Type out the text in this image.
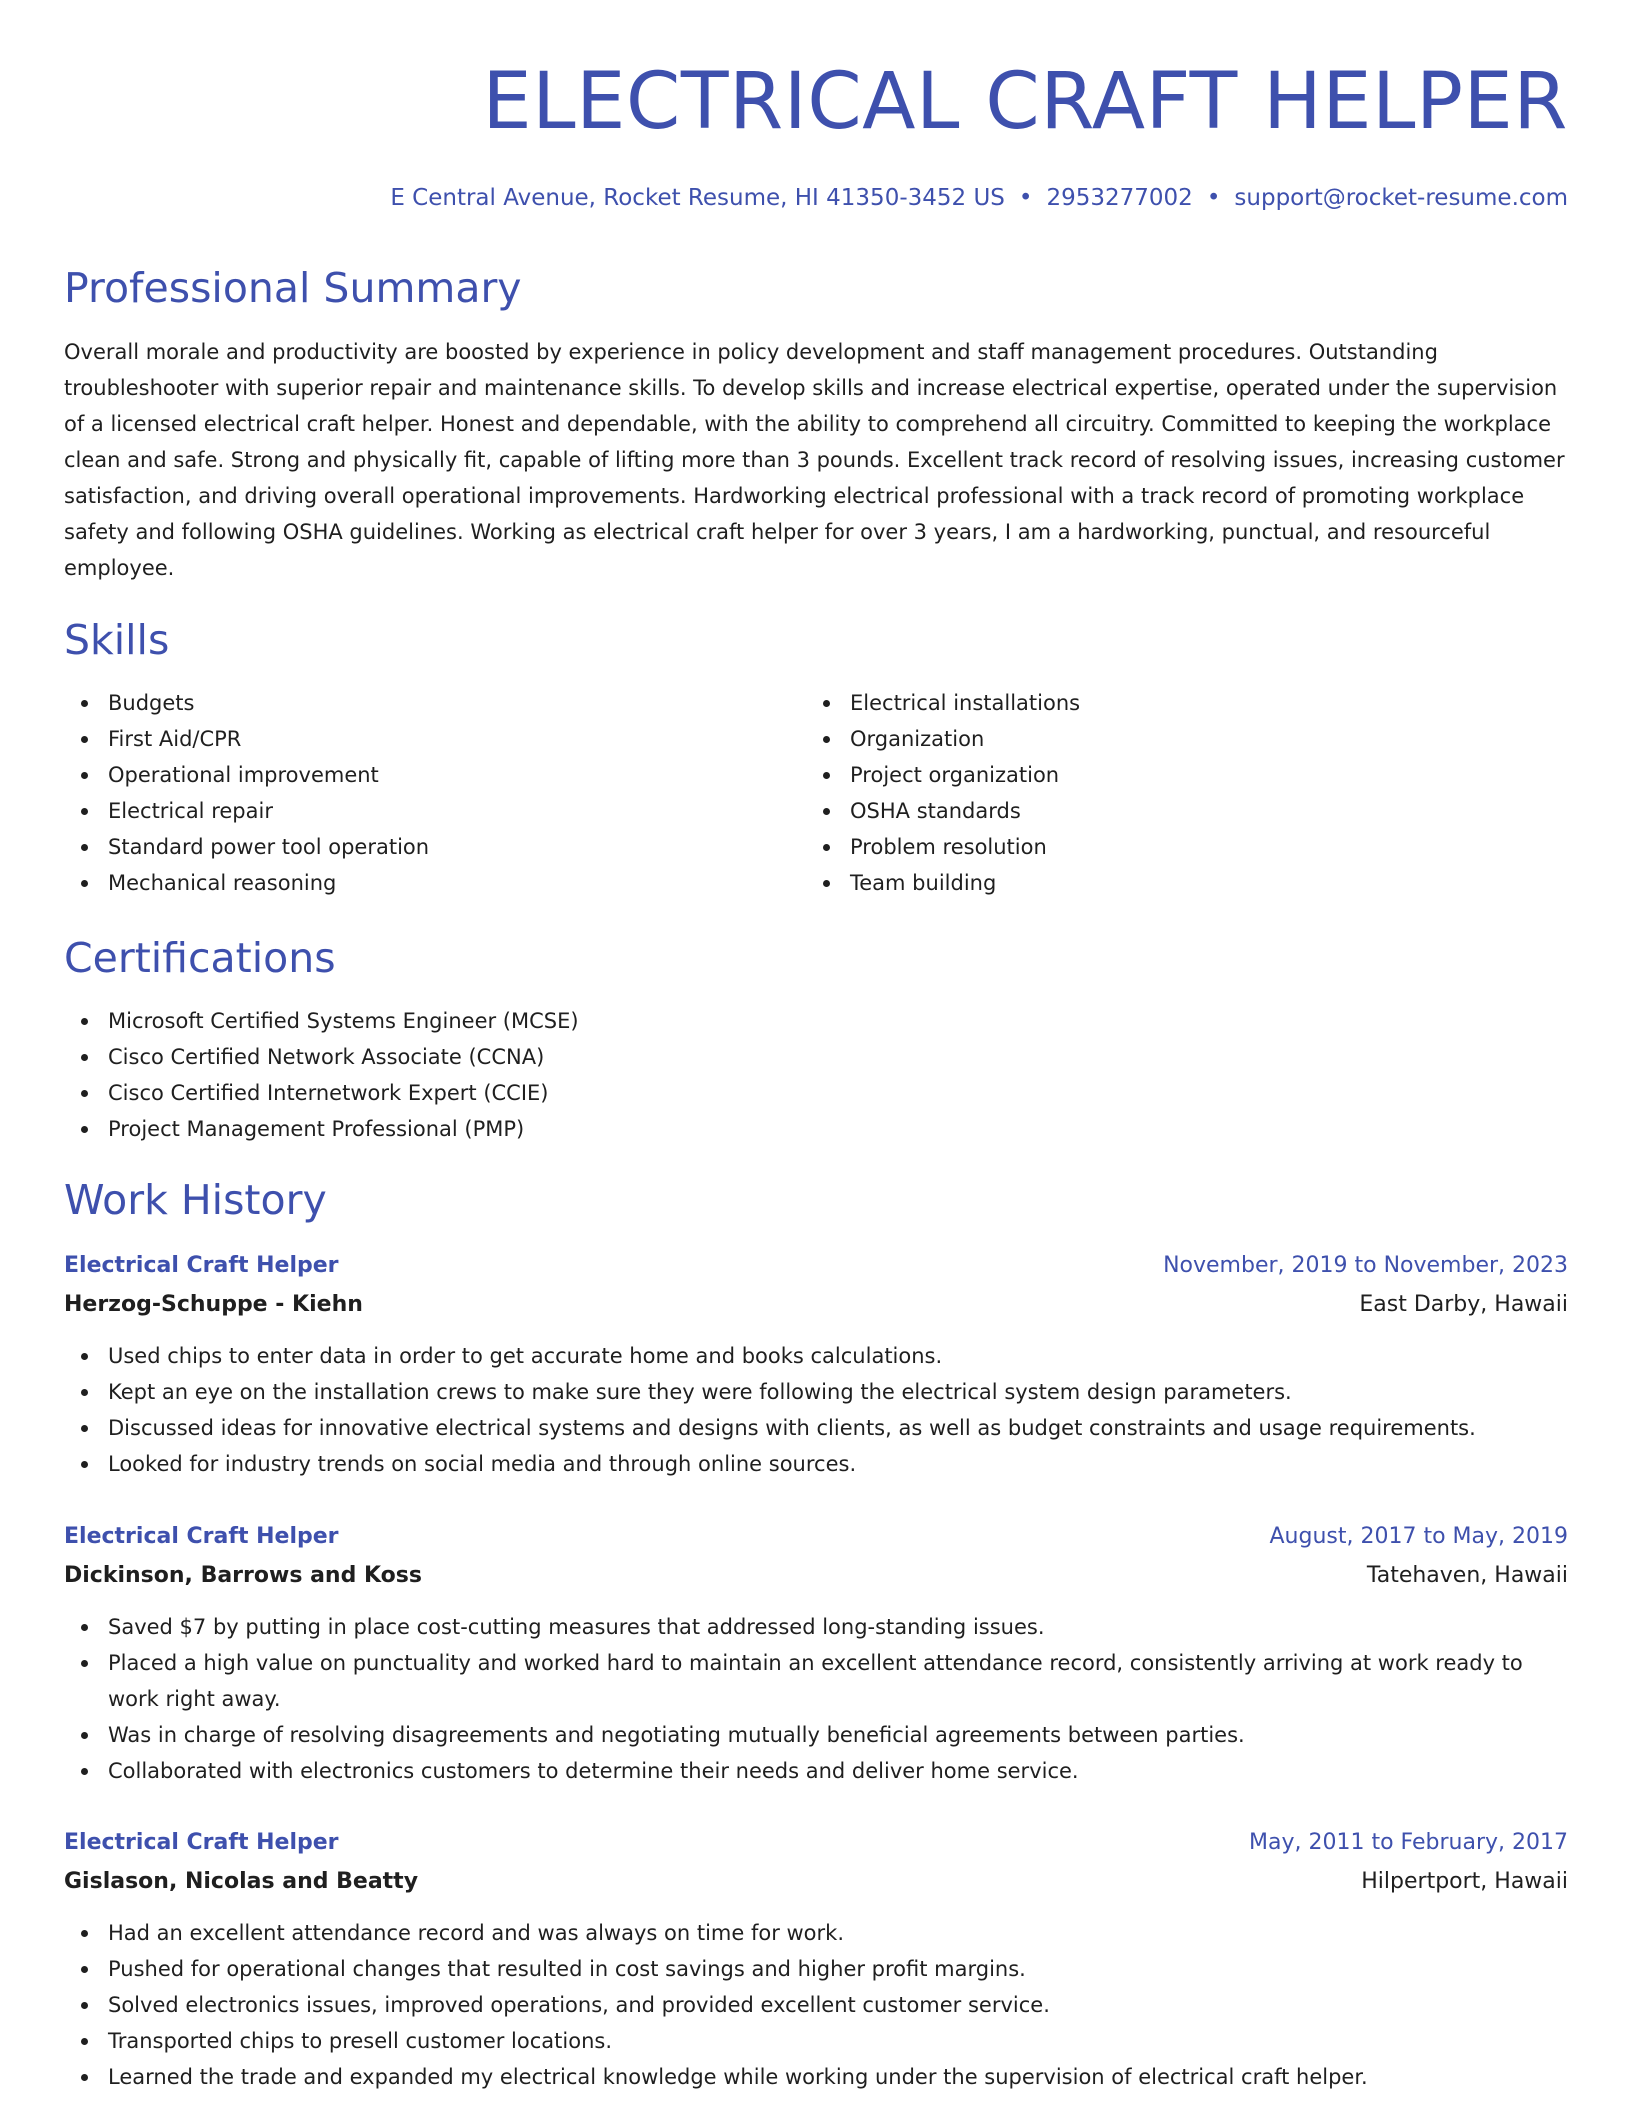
ELECTRICAL CRAFT HELPER
E Central Avenue, Rocket Resume, HI 41350-3452 US • 2953277002 • support@rocket-resume.com
Professional Summary

Overall morale and productivity are boosted by experience in policy development and staff management procedures. Outstanding troubleshooter with superior repair and maintenance skills. To develop skills and increase electrical expertise, operated under the supervision of a licensed electrical craft helper. Honest and dependable, with the ability to comprehend all circuitry. Committed to keeping the workplace clean and safe. Strong and physically fit, capable of lifting more than 3 pounds. Excellent track record of resolving issues, increasing customer satisfaction, and driving overall operational improvements. Hardworking electrical professional with a track record of promoting workplace safety and following OSHA guidelines. Working as electrical craft helper for over 3 years, I am a hardworking, punctual, and resourceful employee.

Skills
Budgets
First Aid/CPR
Operational improvement
Electrical repair
Standard power tool operation
Mechanical reasoning
Electrical installations
Organization
Project organization
OSHA standards
Problem resolution
Team building
Certifications
Microsoft Certified Systems Engineer (MCSE)
Cisco Certified Network Associate (CCNA)
Cisco Certified Internetwork Expert (CCIE)
Project Management Professional (PMP)
Work History
Electrical Craft Helper	November, 2019 to November, 2023
Herzog-Schuppe - Kiehn	East Darby, Hawaii
Used chips to enter data in order to get accurate home and books calculations.
Kept an eye on the installation crews to make sure they were following the electrical system design parameters.
Discussed ideas for innovative electrical systems and designs with clients, as well as budget constraints and usage requirements.
Looked for industry trends on social media and through online sources.
Electrical Craft Helper	August, 2017 to May, 2019
Dickinson, Barrows and Koss	Tatehaven, Hawaii
Saved $7 by putting in place cost-cutting measures that addressed long-standing issues.
Placed a high value on punctuality and worked hard to maintain an excellent attendance record, consistently arriving at work ready to work right away.
Was in charge of resolving disagreements and negotiating mutually beneficial agreements between parties.
Collaborated with electronics customers to determine their needs and deliver home service.
Electrical Craft Helper	May, 2011 to February, 2017
Gislason, Nicolas and Beatty	Hilpertport, Hawaii
Had an excellent attendance record and was always on time for work.
Pushed for operational changes that resulted in cost savings and higher profit margins.
Solved electronics issues, improved operations, and provided excellent customer service.
Transported chips to presell customer locations.
Learned the trade and expanded my electrical knowledge while working under the supervision of electrical craft helper.
